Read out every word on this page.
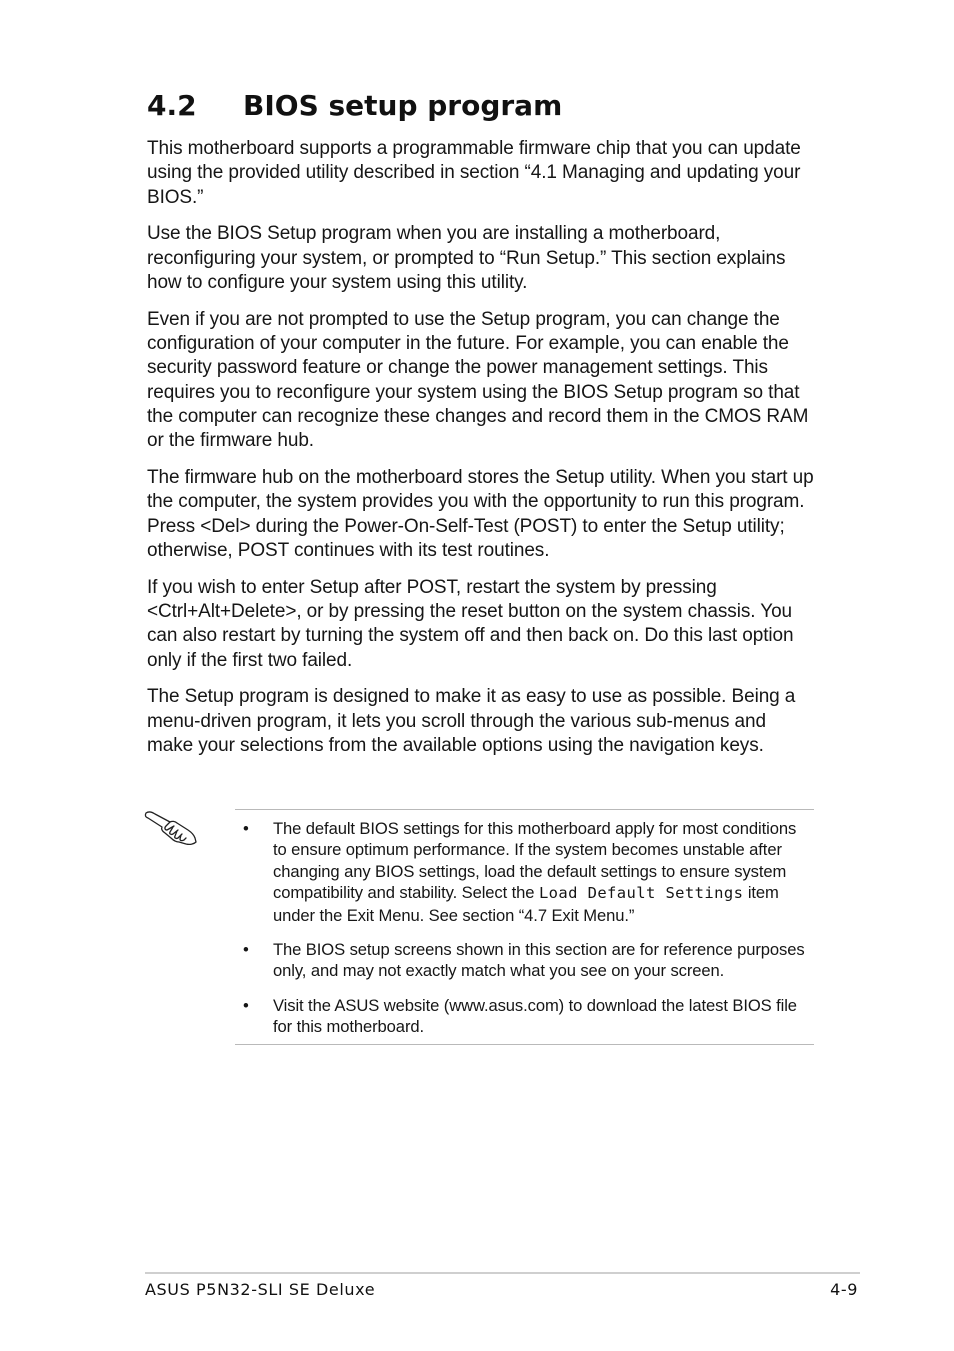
4.2 BIOS setup program

This motherboard supports a programmable firmware chip that you can update using the provided utility described in section “4.1 Managing and updating your BIOS.”

Use the BIOS Setup program when you are installing a motherboard, reconfiguring your system, or prompted to “Run Setup.” This section explains how to configure your system using this utility.

Even if you are not prompted to use the Setup program, you can change the configuration of your computer in the future. For example, you can enable the security password feature or change the power management settings. This requires you to reconfigure your system using the BIOS Setup program so that the computer can recognize these changes and record them in the CMOS RAM or the firmware hub.

The firmware hub on the motherboard stores the Setup utility. When you start up the computer, the system provides you with the opportunity to run this program. Press <Del> during the Power-On-Self-Test (POST) to enter the Setup utility; otherwise, POST continues with its test routines.

If you wish to enter Setup after POST, restart the system by pressing <Ctrl+Alt+Delete>, or by pressing the reset button on the system chassis. You can also restart by turning the system off and then back on. Do this last option only if the first two failed.

The Setup program is designed to make it as easy to use as possible. Being a menu-driven program, it lets you scroll through the various sub-menus and make your selections from the available options using the navigation keys.

• The default BIOS settings for this motherboard apply for most conditions to ensure optimum performance. If the system becomes unstable after changing any BIOS settings, load the default settings to ensure system compatibility and stability. Select the Load Default Settings item under the Exit Menu. See section “4.7 Exit Menu.”
• The BIOS setup screens shown in this section are for reference purposes only, and may not exactly match what you see on your screen.
• Visit the ASUS website (www.asus.com) to download the latest BIOS file for this motherboard.
ASUS P5N32-SLI SE Deluxe	4-9
